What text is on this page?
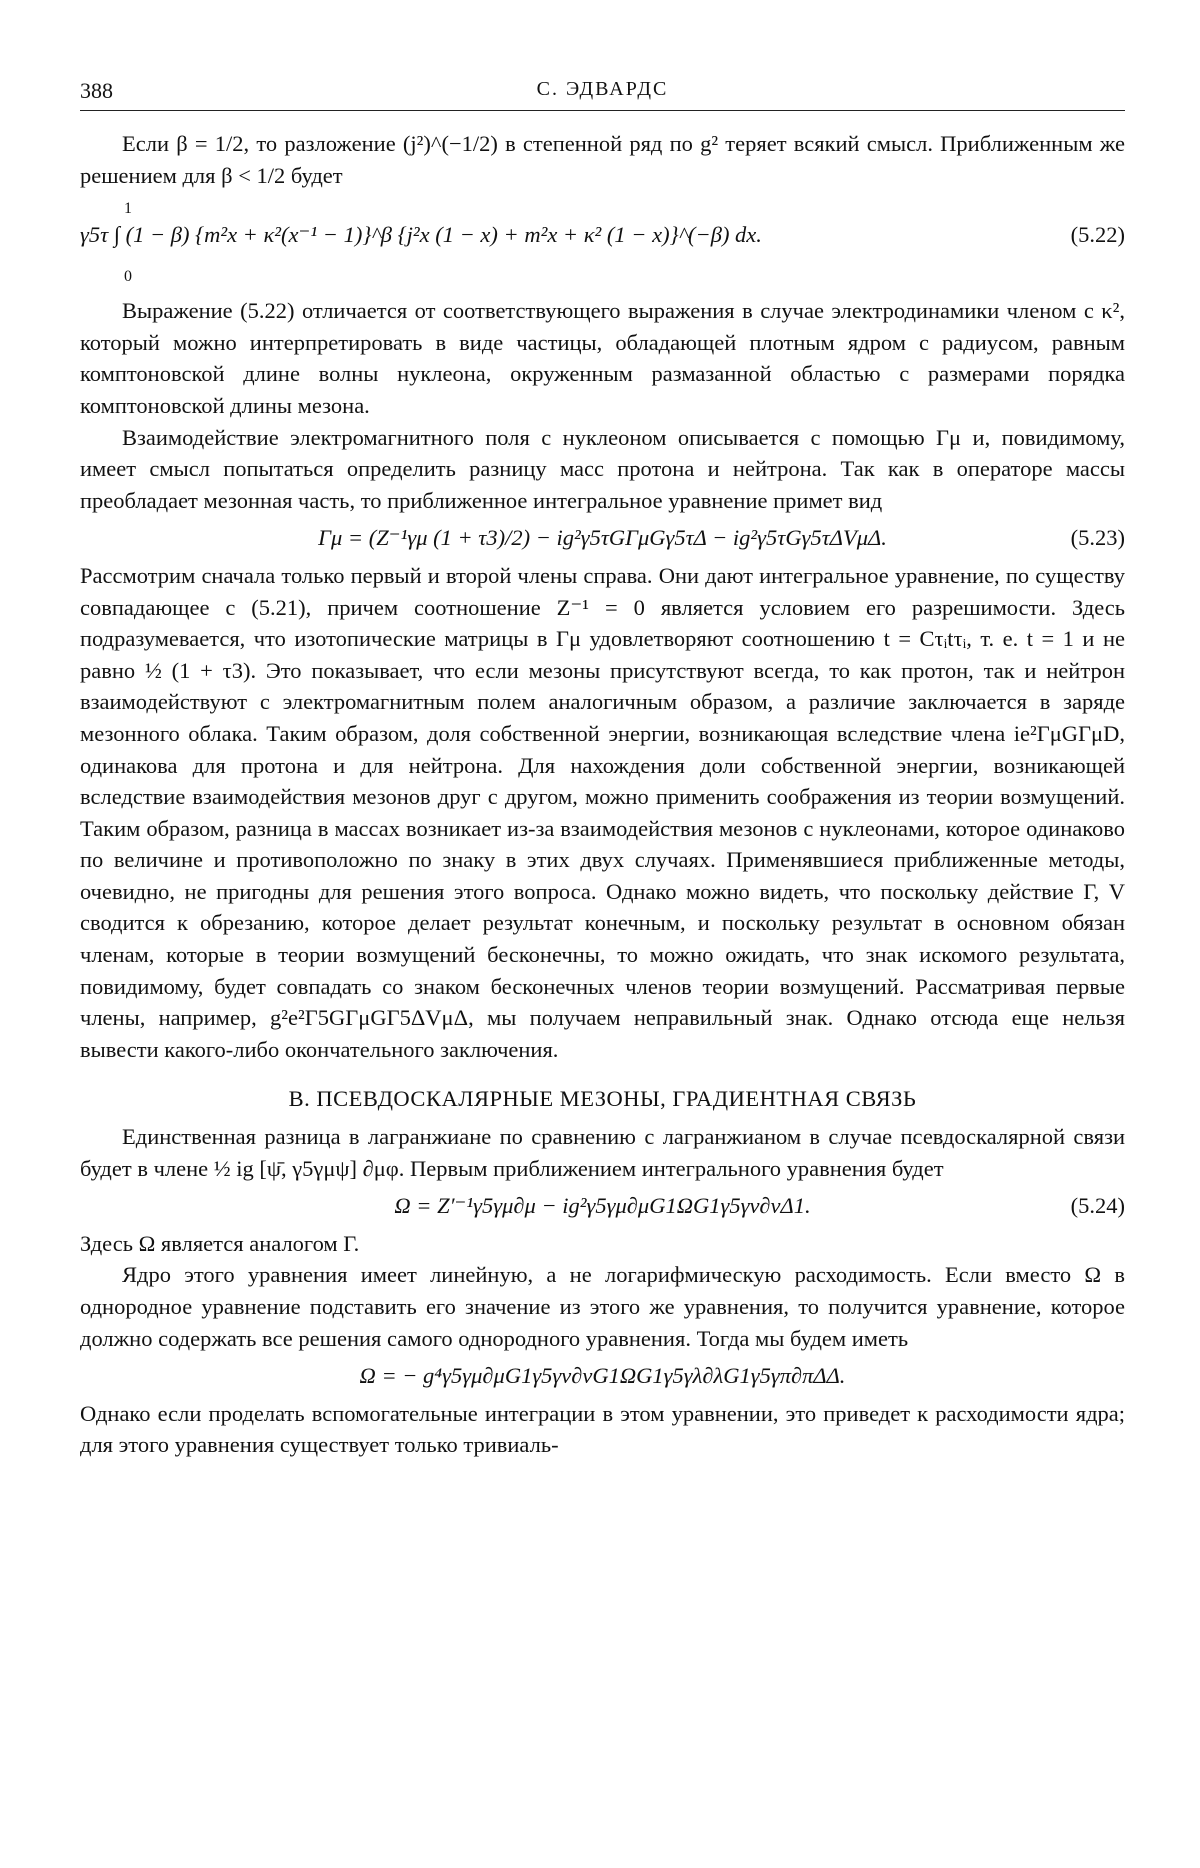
388	С. ЭДВАРДС

Если β = 1/2, то разложение (j²)^(−1/2) в степенной ряд по g² теряет всякий смысл. Приближенным же решением для β < 1/2 будет

1
γ5τ ∫ (1 − β) {m²x + κ²(x⁻¹ − 1)}^β {j²x (1 − x) + m²x + κ² (1 − x)}^(−β) dx.
0
(5.22)

Выражение (5.22) отличается от соответствующего выражения в случае электродинамики членом с κ², который можно интерпретировать в виде частицы, обладающей плотным ядром с радиусом, равным комптоновской длине волны нуклеона, окруженным размазанной областью с размерами порядка комптоновской длины мезона.

Взаимодействие электромагнитного поля с нуклеоном описывается с помощью Γμ и, повидимому, имеет смысл попытаться определить разницу масс протона и нейтрона. Так как в операторе массы преобладает мезонная часть, то приближенное интегральное уравнение примет вид

Γμ = (Z⁻¹γμ (1 + τ3)/2) − ig²γ5τGΓμGγ5τΔ − ig²γ5τGγ5τΔVμΔ.	(5.23)

Рассмотрим сначала только первый и второй члены справа. Они дают интегральное уравнение, по существу совпадающее с (5.21), причем соотношение Z⁻¹ = 0 является условием его разрешимости. Здесь подразумевается, что изотопические матрицы в Γμ удовлетворяют соотношению t = Cτᵢtτᵢ, т. е. t = 1 и не равно ½ (1 + τ3). Это показывает, что если мезоны присутствуют всегда, то как протон, так и нейтрон взаимодействуют с электромагнитным полем аналогичным образом, а различие заключается в заряде мезонного облака. Таким образом, доля собственной энергии, возникающая вследствие члена ie²ΓμGΓμD, одинакова для протона и для нейтрона. Для нахождения доли собственной энергии, возникающей вследствие взаимодействия мезонов друг с другом, можно применить соображения из теории возмущений. Таким образом, разница в массах возникает из-за взаимодействия мезонов с нуклеонами, которое одинаково по величине и противоположно по знаку в этих двух случаях. Применявшиеся приближенные методы, очевидно, не пригодны для решения этого вопроса. Однако можно видеть, что поскольку действие Γ, V сводится к обрезанию, которое делает результат конечным, и поскольку результат в основном обязан членам, которые в теории возмущений бесконечны, то можно ожидать, что знак искомого результата, повидимому, будет совпадать со знаком бесконечных членов теории возмущений. Рассматривая первые члены, например, g²e²Γ5GΓμGΓ5ΔVμΔ, мы получаем неправильный знак. Однако отсюда еще нельзя вывести какого-либо окончательного заключения.

В. ПСЕВДОСКАЛЯРНЫЕ МЕЗОНЫ, ГРАДИЕНТНАЯ СВЯЗЬ

Единственная разница в лагранжиане по сравнению с лагранжианом в случае псевдоскалярной связи будет в члене ½ ig [ψ̄, γ5γμψ] ∂μφ. Первым приближением интегрального уравнения будет

Ω = Z′⁻¹γ5γμ∂μ − ig²γ5γμ∂μG1ΩG1γ5γν∂νΔ1.	(5.24)

Здесь Ω является аналогом Γ.

Ядро этого уравнения имеет линейную, а не логарифмическую расходимость. Если вместо Ω в однородное уравнение подставить его значение из этого же уравнения, то получится уравнение, которое должно содержать все решения самого однородного уравнения. Тогда мы будем иметь

Ω = − g⁴γ5γμ∂μG1γ5γν∂νG1ΩG1γ5γλ∂λG1γ5γπ∂πΔΔ.

Однако если проделать вспомогательные интеграции в этом уравнении, это приведет к расходимости ядра; для этого уравнения существует только тривиаль-
